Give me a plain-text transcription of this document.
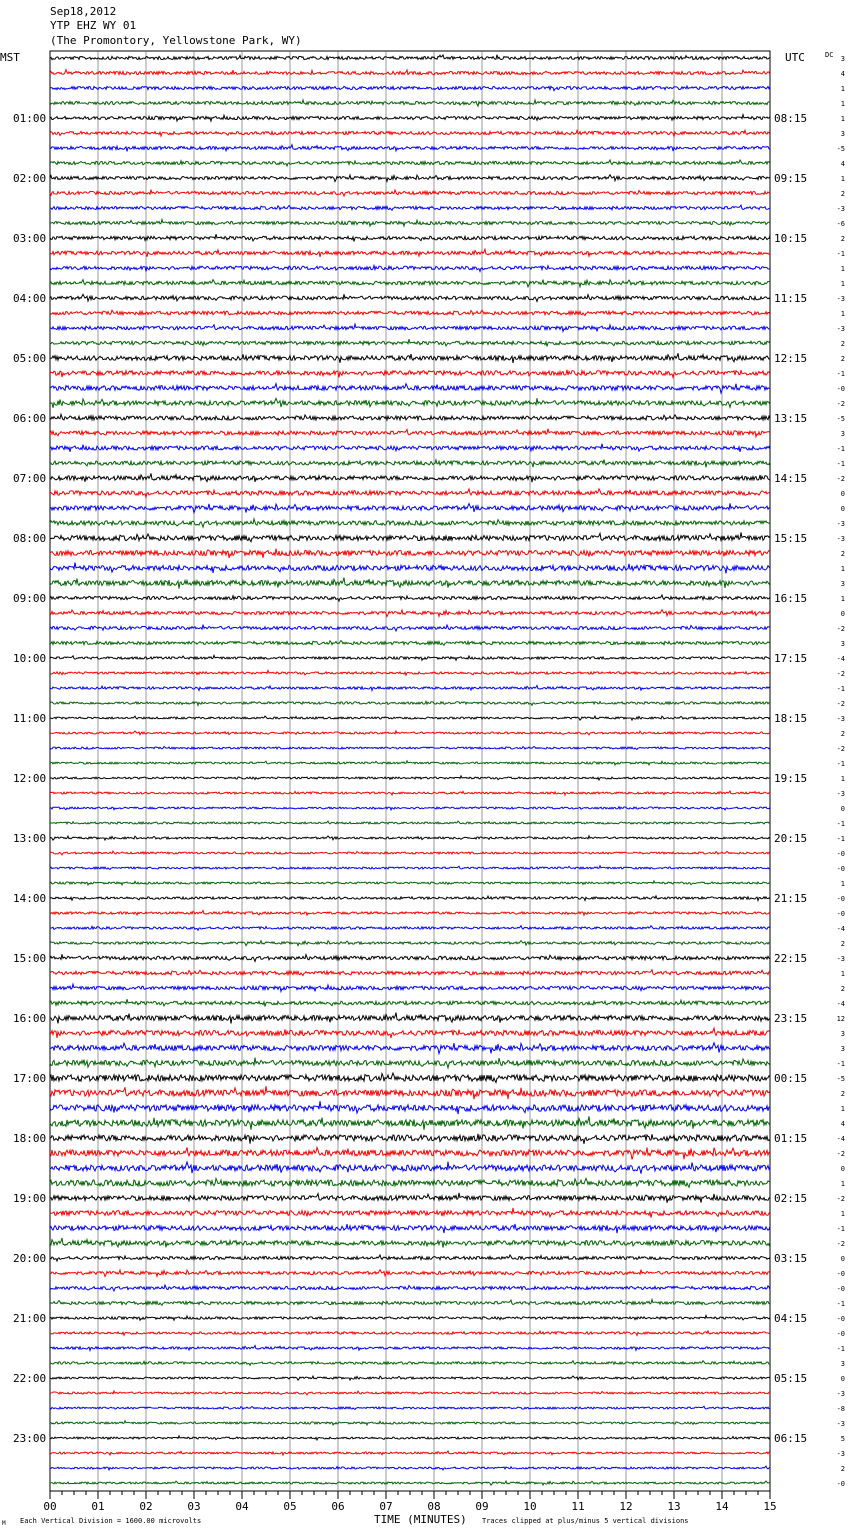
Sep18,2012
YTP EHZ WY 01
(The Promontory, Yellowstone Park, WY)
MST	UTC	DC
01:00
02:00
03:00
04:00
05:00
06:00
07:00
08:00
09:00
10:00
11:00
12:00
13:00
14:00
15:00
16:00
17:00
18:00
19:00
20:00
21:00
22:00
23:00
08:15
09:15
10:15
11:15
12:15
13:15
14:15
15:15
16:15
17:15
18:15
19:15
20:15
21:15
22:15
23:15
00:15
01:15
02:15
03:15
04:15
05:15
06:15
3
4
1
1
1
3
-5
4
1
2
-3
-6
2
-1
1
1
-3
1
-3
2
2
-1
-0
-2
-5
3
-1
-1
-2
0
0
-3
-3
2
1
3
1
0
-2
3
-4
-2
-1
-2
-3
2
-2
-1
1
-3
0
-1
-1
-0
-0
1
-0
-0
-4
2
-3
1
2
-4
12
3
3
-1
-5
2
1
4
-4
-2
0
1
-2
1
-1
-2
0
-0
-0
-1
-0
-0
-1
3
0
-3
-8
-3
5
-3
2
-0
00	01	02	03	04	05	06	07	08	09	10	11	12	13	14	15
TIME (MINUTES)
Each Vertical Division = 1600.00 microvolts	Traces clipped at plus/minus 5 vertical divisions
M
